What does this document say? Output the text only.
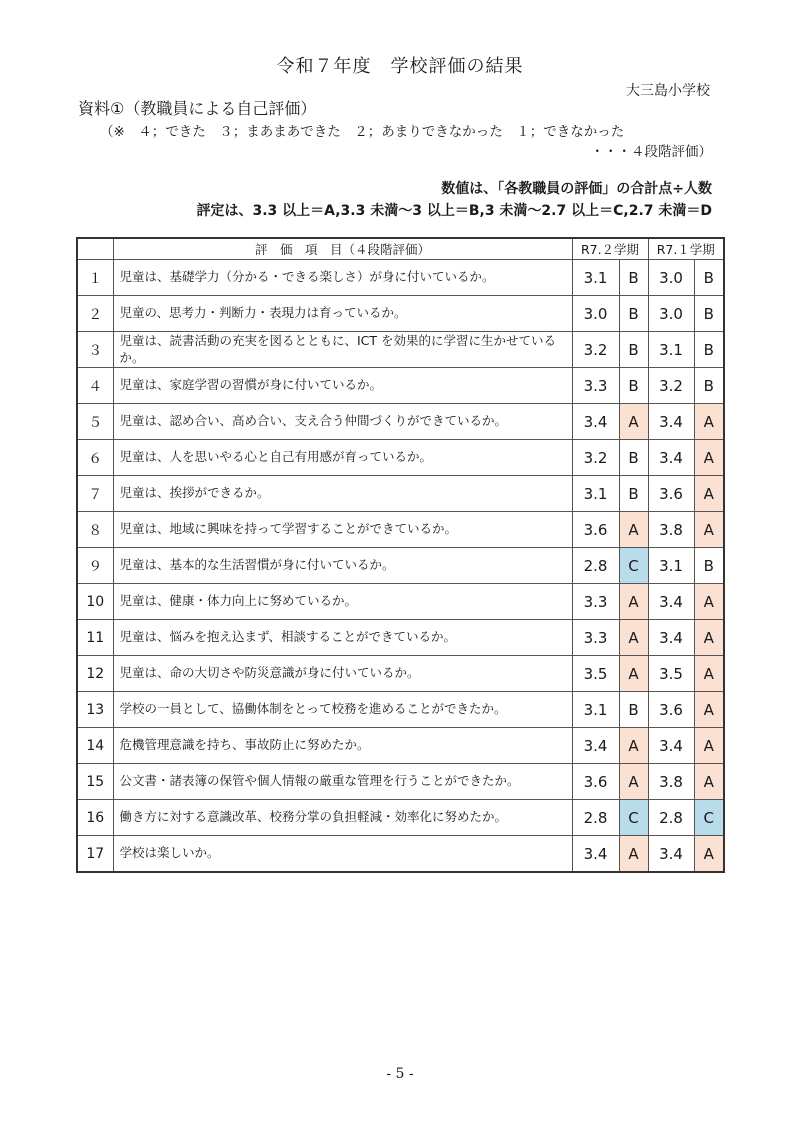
令和７年度　学校評価の結果
大三島小学校
資料①（教職員による自己評価）
（※　４；できた　３；まあまあできた　２；あまりできなかった　１；できなかった
・・・４段階評価）
数値は、「各教職員の評価」の合計点÷人数
評定は、3.3 以上＝A,3.3 未満～3 以上＝B,3 未満～2.7 以上＝C,2.7 未満＝D
	評　価　項　目（４段階評価）	R7.２学期		R7.１学期	
１	児童は、基礎学力（分かる・できる楽しさ）が身に付いているか。	3.1	B	3.0	B
２	児童の、思考力・判断力・表現力は育っているか。	3.0	B	3.0	B
３	児童は、読書活動の充実を図るとともに、ICT を効果的に学習に生かせているか。	3.2	B	3.1	B
４	児童は、家庭学習の習慣が身に付いているか。	3.3	B	3.2	B
５	児童は、認め合い、高め合い、支え合う仲間づくりができているか。	3.4	A	3.4	A
６	児童は、人を思いやる心と自己有用感が育っているか。	3.2	B	3.4	A
７	児童は、挨拶ができるか。	3.1	B	3.6	A
８	児童は、地域に興味を持って学習することができているか。	3.6	A	3.8	A
９	児童は、基本的な生活習慣が身に付いているか。	2.8	C	3.1	B
10	児童は、健康・体力向上に努めているか。	3.3	A	3.4	A
11	児童は、悩みを抱え込まず、相談することができているか。	3.3	A	3.4	A
12	児童は、命の大切さや防災意識が身に付いているか。	3.5	A	3.5	A
13	学校の一員として、協働体制をとって校務を進めることができたか。	3.1	B	3.6	A
14	危機管理意識を持ち、事故防止に努めたか。	3.4	A	3.4	A
15	公文書・諸表簿の保管や個人情報の厳重な管理を行うことができたか。	3.6	A	3.8	A
16	働き方に対する意識改革、校務分掌の負担軽減・効率化に努めたか。	2.8	C	2.8	C
17	学校は楽しいか。	3.4	A	3.4	A
- 5 -
